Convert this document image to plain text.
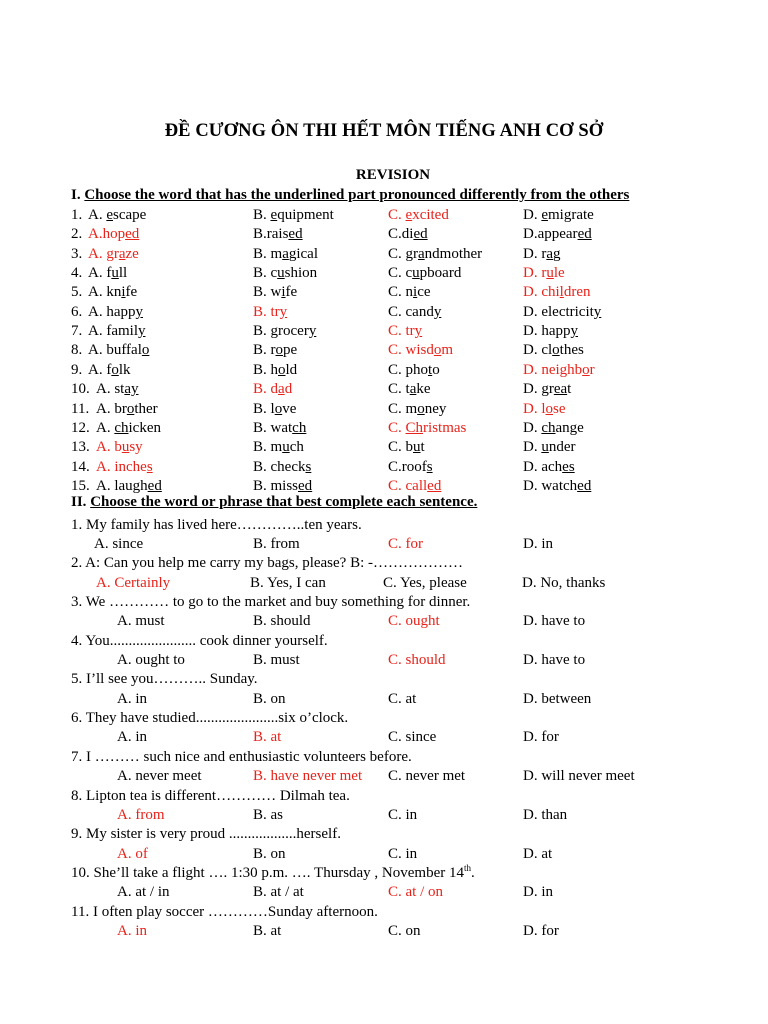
ĐỀ CƯƠNG ÔN THI HẾT MÔN TIẾNG ANH CƠ SỞ
REVISION
I. Choose the word that has the underlined part pronounced differently from the others
1. A. escape	B. equipment	C. excited	D. emigrate
2. A.hoped	B.raised	C.died	D.appeared
3. A. graze	B. magical	C. grandmother	D. rag
4. A. full	B. cushion	C. cupboard	D. rule
5. A. knife	B. wife	C. nice	D. children
6. A. happy	B. try	C. candy	D. electricity
7. A. family	B. grocery	C. try	D. happy
8. A. buffalo	B. rope	C. wisdom	D. clothes
9. A. folk	B. hold	C. photo	D. neighbor
10. A. stay	B. dad	C. take	D. great
11. A. brother	B. love	C. money	D. lose
12. A. chicken	B. watch	C. Christmas	D. change
13. A. busy	B. much	C. but	D. under
14. A. inches	B. checks	C.roofs	D. aches
15. A. laughed	B. missed	C. called	D. watched
II. Choose the word or phrase that best complete each sentence.
1. My family has lived here…………..ten years.
A. since	B. from	C. for	D. in
2. A: Can you help me carry my bags, please? B: -………………
A. Certainly	B. Yes, I can	C. Yes, please	D. No, thanks
3. We ………… to go to the market and buy something for dinner.
A. must	B. should	C. ought	D. have to
4. You....................... cook dinner yourself.
A. ought to	B. must	C. should	D. have to
5. I’ll see you……….. Sunday.
A. in	B. on	C. at	D. between
6. They have studied......................six o’clock.
A. in	B. at	C. since	D. for
7. I ……… such nice and enthusiastic volunteers before.
A. never meet	B. have never met C. never met	D. will never meet
8. Lipton tea is different………… Dilmah tea.
A. from	B. as	C. in	D. than
9. My sister is very proud ..................herself.
A. of	B. on	C. in	D. at
10. She’ll take a flight …. 1:30 p.m. …. Thursday , November 14th.
A. at / in	B. at / at	C. at / on	D. in
11. I often play soccer …………Sunday afternoon.
A. in	B. at	C. on	D. for
